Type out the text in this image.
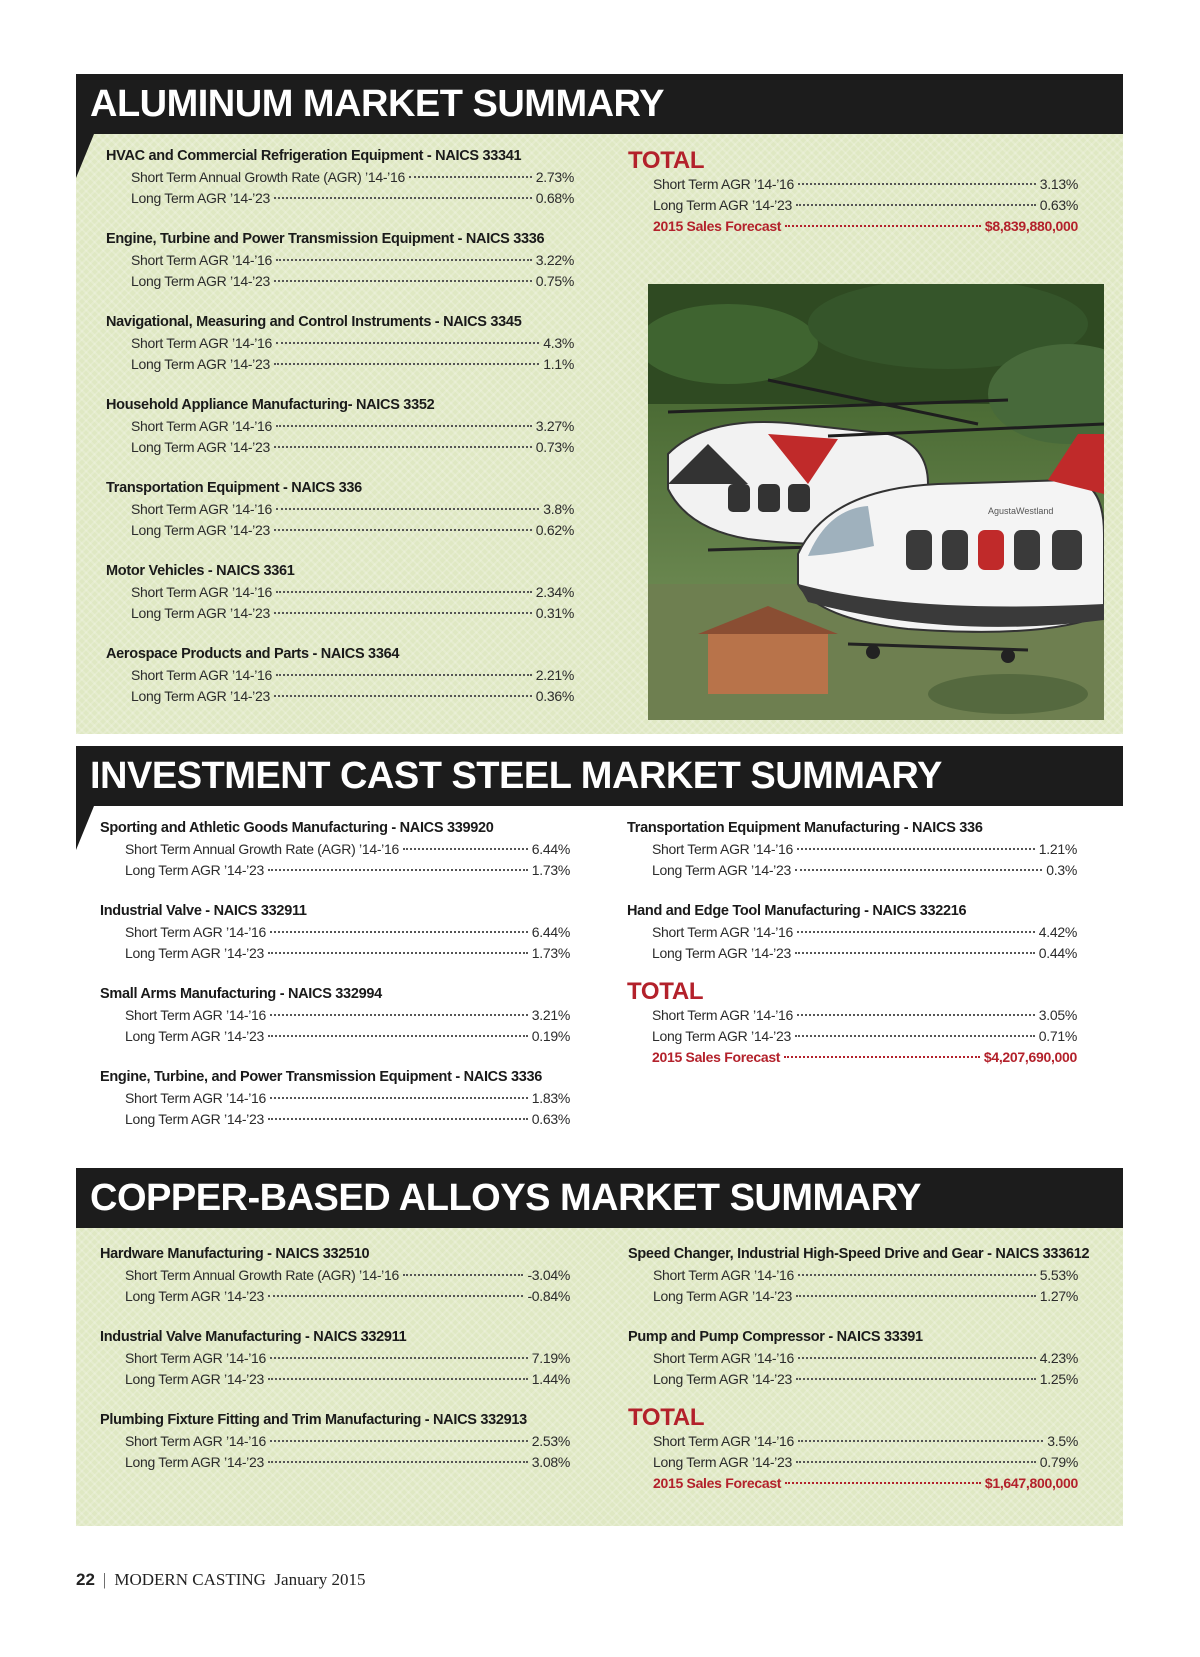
ALUMINUM MARKET SUMMARY
HVAC and Commercial Refrigeration Equipment - NAICS 33341
Short Term Annual Growth Rate (AGR) ’14-’16	2.73%
Long Term AGR ’14-’23	0.68%
Engine, Turbine and Power Transmission Equipment - NAICS 3336
Short Term AGR ’14-’16	3.22%
Long Term AGR ’14-’23	0.75%
Navigational, Measuring and Control Instruments - NAICS 3345
Short Term AGR ’14-’16	4.3%
Long Term AGR ’14-’23	1.1%
Household Appliance Manufacturing- NAICS 3352
Short Term AGR ’14-’16	3.27%
Long Term AGR ’14-’23	0.73%
Transportation Equipment - NAICS 336
Short Term AGR ’14-’16	3.8%
Long Term AGR ’14-’23	0.62%
Motor Vehicles - NAICS 3361
Short Term AGR ’14-’16	2.34%
Long Term AGR ’14-’23	0.31%
Aerospace Products and Parts - NAICS 3364
Short Term AGR ’14-’16	2.21%
Long Term AGR ’14-’23	0.36%
TOTAL
Short Term AGR ’14-’16	3.13%
Long Term AGR ’14-’23	0.63%
2015 Sales Forecast	$8,839,880,000
AgustaWestland
INVESTMENT CAST STEEL MARKET SUMMARY
Sporting and Athletic Goods Manufacturing - NAICS 339920
Short Term Annual Growth Rate (AGR) ’14-’16	6.44%
Long Term AGR ’14-’23	1.73%
Industrial Valve - NAICS 332911
Short Term AGR ’14-’16	6.44%
Long Term AGR ’14-’23	1.73%
Small Arms Manufacturing - NAICS 332994
Short Term AGR ’14-’16	3.21%
Long Term AGR ’14-’23	0.19%
Engine, Turbine, and Power Transmission Equipment - NAICS 3336
Short Term AGR ’14-’16	1.83%
Long Term AGR ’14-’23	0.63%
Transportation Equipment Manufacturing - NAICS 336
Short Term AGR ’14-’16	1.21%
Long Term AGR ’14-’23	0.3%
Hand and Edge Tool Manufacturing - NAICS 332216
Short Term AGR ’14-’16	4.42%
Long Term AGR ’14-’23	0.44%
TOTAL
Short Term AGR ’14-’16	3.05%
Long Term AGR ’14-’23	0.71%
2015 Sales Forecast	$4,207,690,000
COPPER-BASED ALLOYS MARKET SUMMARY
Hardware Manufacturing - NAICS 332510
Short Term Annual Growth Rate (AGR) ’14-’16	-3.04%
Long Term AGR ’14-’23	-0.84%
Industrial Valve Manufacturing - NAICS 332911
Short Term AGR ’14-’16	7.19%
Long Term AGR ’14-’23	1.44%
Plumbing Fixture Fitting and Trim Manufacturing - NAICS 332913
Short Term AGR ’14-’16	2.53%
Long Term AGR ’14-’23	3.08%
Speed Changer, Industrial High-Speed Drive and Gear - NAICS 333612
Short Term AGR ’14-’16	5.53%
Long Term AGR ’14-’23	1.27%
Pump and Pump Compressor - NAICS 33391
Short Term AGR ’14-’16	4.23%
Long Term AGR ’14-’23	1.25%
TOTAL
Short Term AGR ’14-’16	3.5%
Long Term AGR ’14-’23	0.79%
2015 Sales Forecast	$1,647,800,000
22 | MODERN CASTING January 2015
